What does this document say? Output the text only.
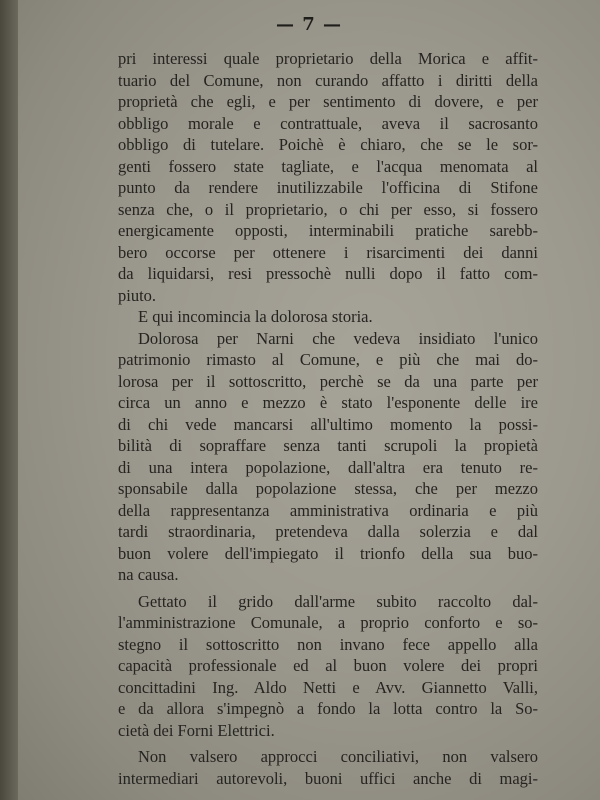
— 7 —
pri interessi quale proprietario della Morica e affit-
tuario del Comune, non curando affatto i diritti della
proprietà che egli, e per sentimento di dovere, e per
obbligo morale e contrattuale, aveva il sacrosanto
obbligo di tutelare. Poichè è chiaro, che se le sor-
genti fossero state tagliate, e l'acqua menomata al
punto da rendere inutilizzabile l'officina di Stifone
senza che, o il proprietario, o chi per esso, si fossero
energicamente opposti, interminabili pratiche sarebb-
bero occorse per ottenere i risarcimenti dei danni
da liquidarsi, resi pressochè nulli dopo il fatto com-
piuto.
E qui incomincia la dolorosa storia.
Dolorosa per Narni che vedeva insidiato l'unico
patrimonio rimasto al Comune, e più che mai do-
lorosa per il sottoscritto, perchè se da una parte per
circa un anno e mezzo è stato l'esponente delle ire
di chi vede mancarsi all'ultimo momento la possi-
bilità di sopraffare senza tanti scrupoli la propietà
di una intera popolazione, dall'altra era tenuto re-
sponsabile dalla popolazione stessa, che per mezzo
della rappresentanza amministrativa ordinaria e più
tardi straordinaria, pretendeva dalla solerzia e dal
buon volere dell'impiegato il trionfo della sua buo-
na causa.
Gettato il grido dall'arme subito raccolto dal-
l'amministrazione Comunale, a proprio conforto e so-
stegno il sottoscritto non invano fece appello alla
capacità professionale ed al buon volere dei propri
concittadini Ing. Aldo Netti e Avv. Giannetto Valli,
e da allora s'impegnò a fondo la lotta contro la So-
cietà dei Forni Elettrici.
Non valsero approcci conciliativi, non valsero
intermediari autorevoli, buoni uffici anche di magi-
